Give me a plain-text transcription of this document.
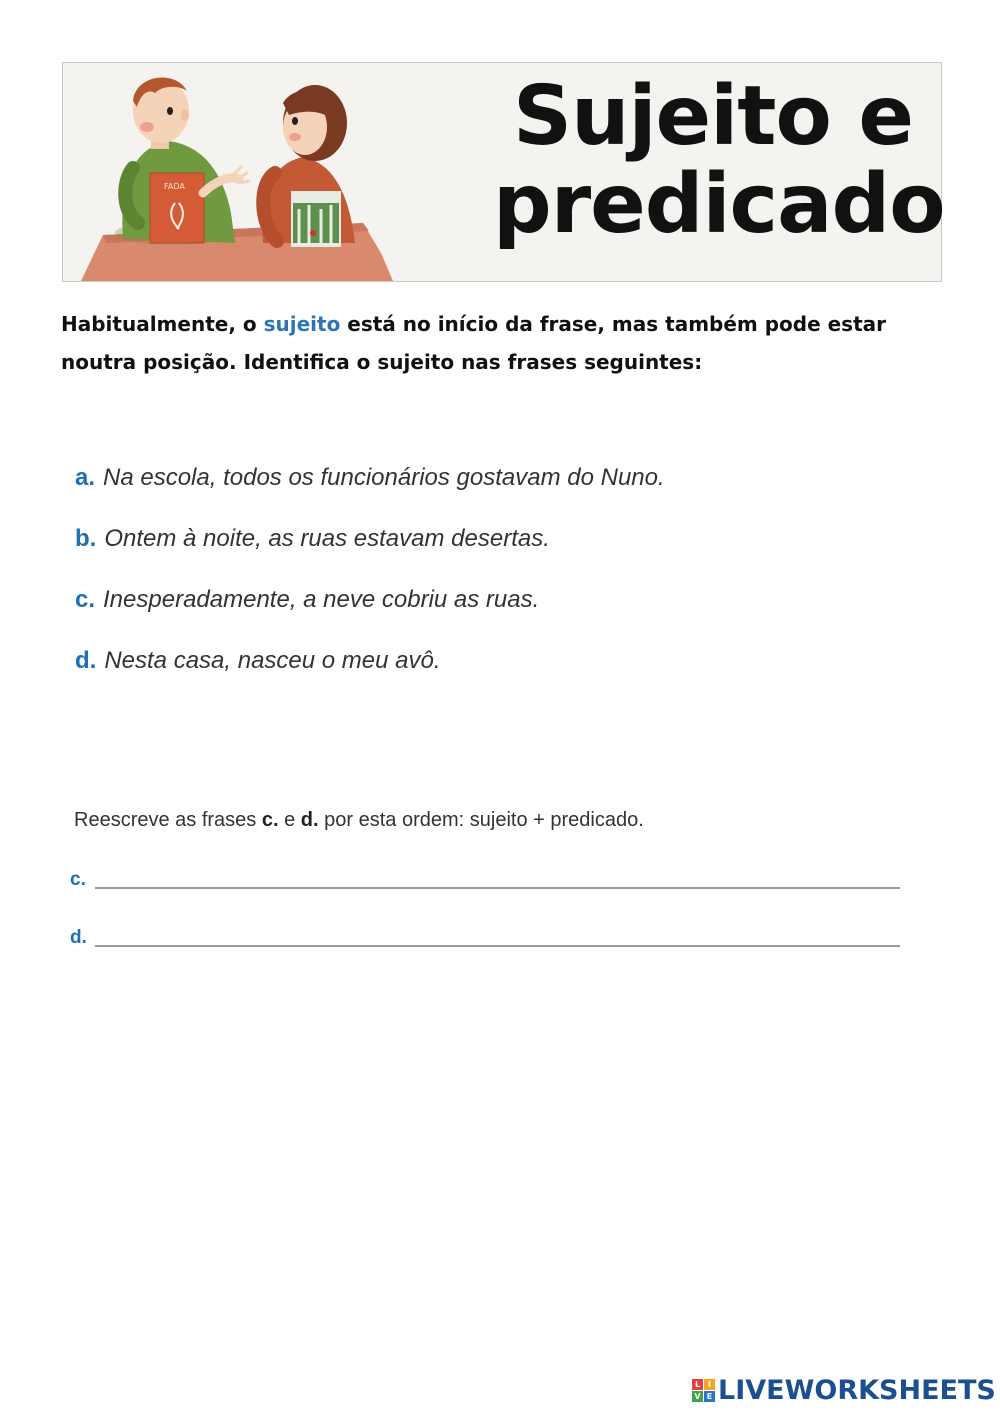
FADA
Sujeito e
predicado
Habitualmente, o sujeito está no início da frase, mas também pode estar noutra posição. Identifica o sujeito nas frases seguintes:
a. Na escola, todos os funcionários gostavam do Nuno.
b. Ontem à noite, as ruas estavam desertas.
c. Inesperadamente, a neve cobriu as ruas.
d. Nesta casa, nasceu o meu avô.
Reescreve as frases c. e d. por esta ordem: sujeito + predicado.
c.
d.
L I
V E LIVEWORKSHEETS
